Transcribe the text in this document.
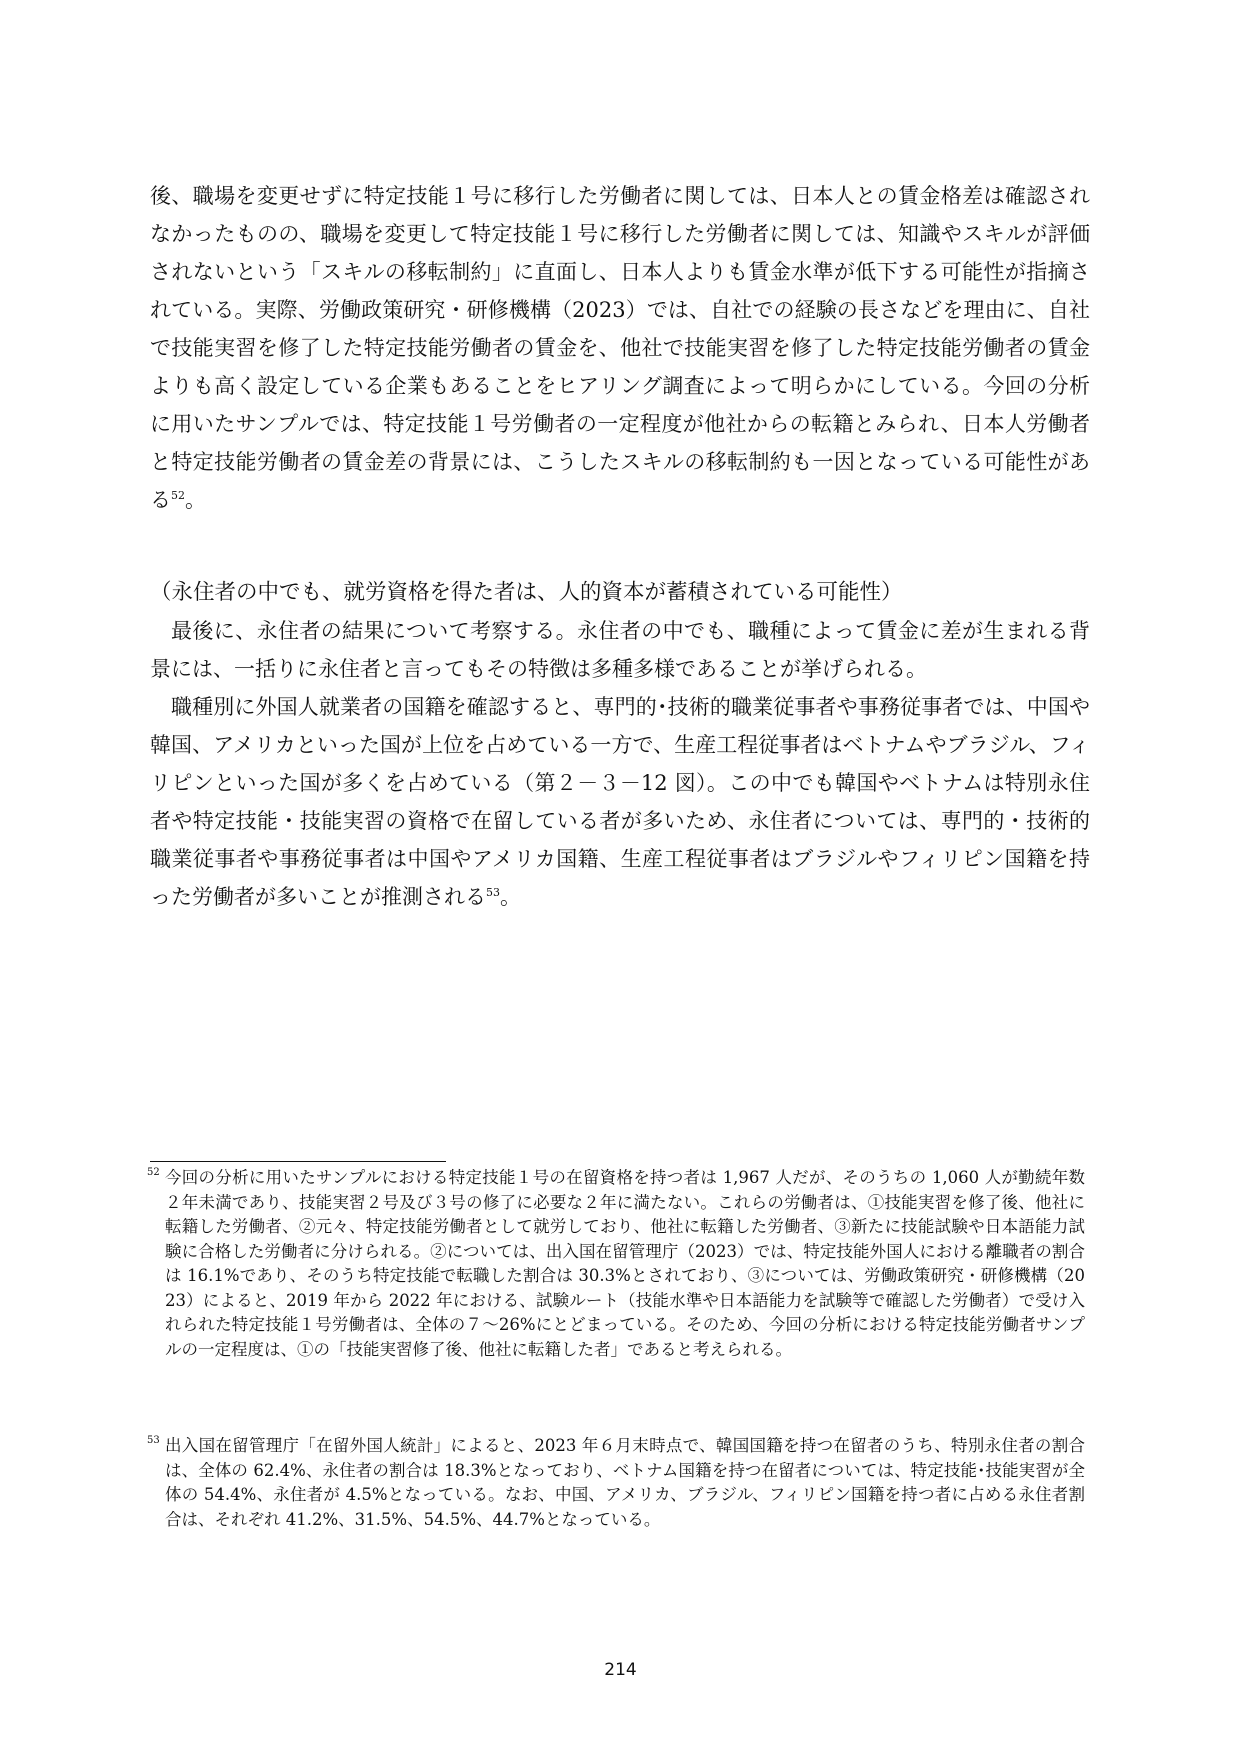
後、職場を変更せずに特定技能１号に移行した労働者に関しては、日本人との賃金格差は確認されなかったものの、職場を変更して特定技能１号に移行した労働者に関しては、知識やスキルが評価されないという「スキルの移転制約」に直面し、日本人よりも賃金水準が低下する可能性が指摘されている。実際、労働政策研究・研修機構（2023）では、自社での経験の長さなどを理由に、自社で技能実習を修了した特定技能労働者の賃金を、他社で技能実習を修了した特定技能労働者の賃金よりも高く設定している企業もあることをヒアリング調査によって明らかにしている。今回の分析に用いたサンプルでは、特定技能１号労働者の一定程度が他社からの転籍とみられ、日本人労働者と特定技能労働者の賃金差の背景には、こうしたスキルの移転制約も一因となっている可能性がある$^{52}$。

（永住者の中でも、就労資格を得た者は、人的資本が蓄積されている可能性）

最後に、永住者の結果について考察する。永住者の中でも、職種によって賃金に差が生まれる背景には、一括りに永住者と言ってもその特徴は多種多様であることが挙げられる。

職種別に外国人就業者の国籍を確認すると、専門的･技術的職業従事者や事務従事者では、中国や韓国、アメリカといった国が上位を占めている一方で、生産工程従事者はベトナムやブラジル、フィリピンといった国が多くを占めている（第２－３－12 図）。この中でも韓国やベトナムは特別永住者や特定技能・技能実習の資格で在留している者が多いため、永住者については、専門的・技術的職業従事者や事務従事者は中国やアメリカ国籍、生産工程従事者はブラジルやフィリピン国籍を持った労働者が多いことが推測される$^{53}$。

52 今回の分析に用いたサンプルにおける特定技能１号の在留資格を持つ者は 1,967 人だが、そのうちの 1,060 人が勤続年数２年未満であり、技能実習２号及び３号の修了に必要な２年に満たない。これらの労働者は、①技能実習を修了後、他社に転籍した労働者、②元々、特定技能労働者として就労しており、他社に転籍した労働者、③新たに技能試験や日本語能力試験に合格した労働者に分けられる。②については、出入国在留管理庁（2023）では、特定技能外国人における離職者の割合は 16.1%であり、そのうち特定技能で転職した割合は 30.3%とされており、③については、労働政策研究・研修機構（2023）によると、2019 年から 2022 年における、試験ルート（技能水準や日本語能力を試験等で確認した労働者）で受け入れられた特定技能１号労働者は、全体の７～26%にとどまっている。そのため、今回の分析における特定技能労働者サンプルの一定程度は、①の「技能実習修了後、他社に転籍した者」であると考えられる。

53 出入国在留管理庁「在留外国人統計」によると、2023 年６月末時点で、韓国国籍を持つ在留者のうち、特別永住者の割合は、全体の 62.4%、永住者の割合は 18.3%となっており、ベトナム国籍を持つ在留者については、特定技能･技能実習が全体の 54.4%、永住者が 4.5%となっている。なお、中国、アメリカ、ブラジル、フィリピン国籍を持つ者に占める永住者割合は、それぞれ 41.2%、31.5%、54.5%、44.7%となっている。

214
